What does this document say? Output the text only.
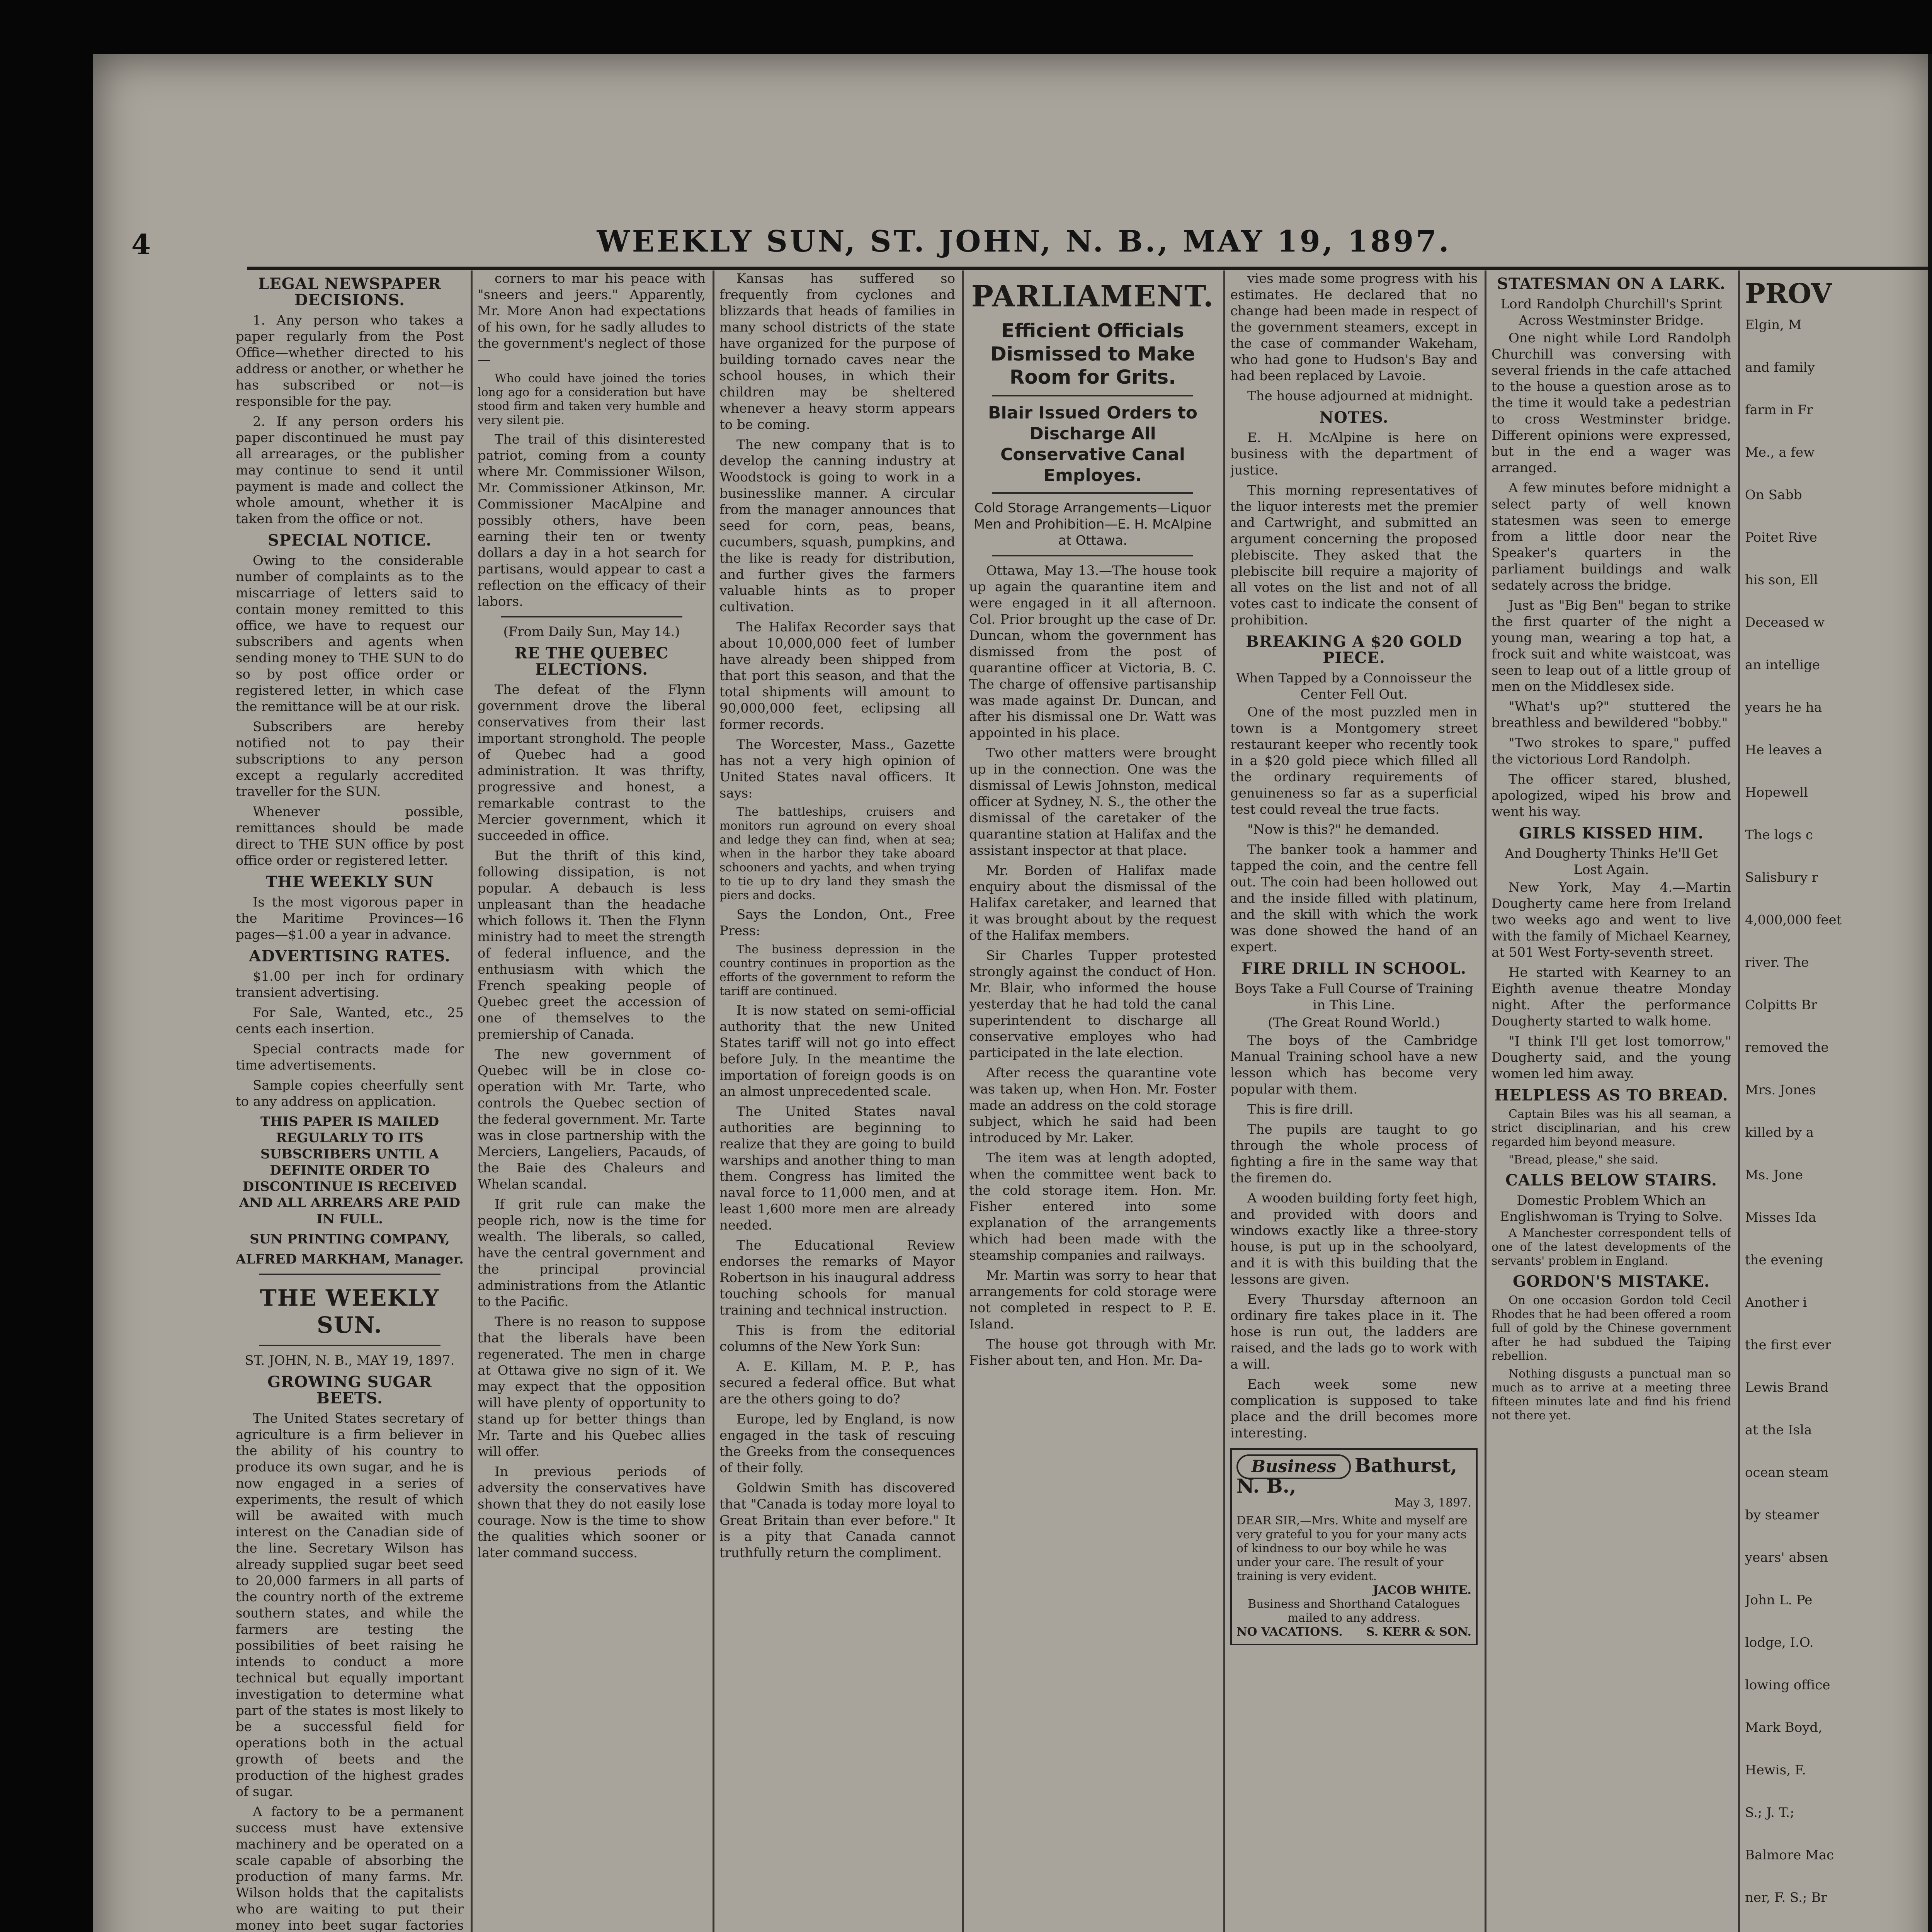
4	WEEKLY SUN, ST. JOHN, N. B., MAY 19, 1897.

LEGAL NEWSPAPER DECISIONS.

1. Any person who takes a paper regularly from the Post Office—whether directed to his address or another, or whether he has subscribed or not—is responsible for the pay.

2. If any person orders his paper discontinued he must pay all arrearages, or the publisher may continue to send it until payment is made and collect the whole amount, whether it is taken from the office or not.

SPECIAL NOTICE.

Owing to the considerable number of complaints as to the miscarriage of letters said to contain money remitted to this office, we have to request our subscribers and agents when sending money to THE SUN to do so by post office order or registered letter, in which case the remittance will be at our risk.

Subscribers are hereby notified not to pay their subscriptions to any person except a regularly accredited traveller for the SUN.

Whenever possible, remittances should be made direct to THE SUN office by post office order or registered letter.

THE WEEKLY SUN

Is the most vigorous paper in the Maritime Provinces—16 pages—$1.00 a year in advance.

ADVERTISING RATES.

$1.00 per inch for ordinary transient advertising.

For Sale, Wanted, etc., 25 cents each insertion.

Special contracts made for time advertisements.

Sample copies cheerfully sent to any address on application.

THIS PAPER IS MAILED REGULARLY TO ITS SUBSCRIBERS UNTIL A DEFINITE ORDER TO DISCONTINUE IS RECEIVED AND ALL ARREARS ARE PAID IN FULL.

SUN PRINTING COMPANY,

ALFRED MARKHAM, Manager.

THE WEEKLY SUN.

ST. JOHN, N. B., MAY 19, 1897.

GROWING SUGAR BEETS.

The United States secretary of agriculture is a firm believer in the ability of his country to produce its own sugar, and he is now engaged in a series of experiments, the result of which will be awaited with much interest on the Canadian side of the line. Secretary Wilson has already supplied sugar beet seed to 20,000 farmers in all parts of the country north of the extreme southern states, and while the farmers are testing the possibilities of beet raising he intends to conduct a more technical but equally important investigation to determine what part of the states is most likely to be a successful field for operations both in the actual growth of beets and the production of the highest grades of sugar.

A factory to be a permanent success must have extensive machinery and be operated on a scale capable of absorbing the production of many farms. Mr. Wilson holds that the capitalists who are waiting to put their money into beet sugar factories

corners to mar his peace with "sneers and jeers." Apparently, Mr. More Anon had expectations of his own, for he sadly alludes to the government's neglect of those—

Who could have joined the tories long ago for a consideration but have stood firm and taken very humble and very silent pie.

The trail of this disinterested patriot, coming from a county where Mr. Commissioner Wilson, Mr. Commissioner Atkinson, Mr. Commissioner MacAlpine and possibly others, have been earning their ten or twenty dollars a day in a hot search for partisans, would appear to cast a reflection on the efficacy of their labors.

(From Daily Sun, May 14.)

RE THE QUEBEC ELECTIONS.

The defeat of the Flynn government drove the liberal conservatives from their last important stronghold. The people of Quebec had a good administration. It was thrifty, progressive and honest, a remarkable contrast to the Mercier government, which it succeeded in office.

But the thrift of this kind, following dissipation, is not popular. A debauch is less unpleasant than the headache which follows it. Then the Flynn ministry had to meet the strength of federal influence, and the enthusiasm with which the French speaking people of Quebec greet the accession of one of themselves to the premiership of Canada.

The new government of Quebec will be in close co-operation with Mr. Tarte, who controls the Quebec section of the federal government. Mr. Tarte was in close partnership with the Merciers, Langeliers, Pacauds, of the Baie des Chaleurs and Whelan scandal.

If grit rule can make the people rich, now is the time for wealth. The liberals, so called, have the central government and the principal provincial administrations from the Atlantic to the Pacific.

There is no reason to suppose that the liberals have been regenerated. The men in charge at Ottawa give no sign of it. We may expect that the opposition will have plenty of opportunity to stand up for better things than Mr. Tarte and his Quebec allies will offer.

In previous periods of adversity the conservatives have shown that they do not easily lose courage. Now is the time to show the qualities which sooner or later command success.

Kansas has suffered so frequently from cyclones and blizzards that heads of families in many school districts of the state have organized for the purpose of building tornado caves near the school houses, in which their children may be sheltered whenever a heavy storm appears to be coming.

The new company that is to develop the canning industry at Woodstock is going to work in a businesslike manner. A circular from the manager announces that seed for corn, peas, beans, cucumbers, squash, pumpkins, and the like is ready for distribution, and further gives the farmers valuable hints as to proper cultivation.

The Halifax Recorder says that about 10,000,000 feet of lumber have already been shipped from that port this season, and that the total shipments will amount to 90,000,000 feet, eclipsing all former records.

The Worcester, Mass., Gazette has not a very high opinion of United States naval officers. It says:

The battleships, cruisers and monitors run aground on every shoal and ledge they can find, when at sea; when in the harbor they take aboard schooners and yachts, and when trying to tie up to dry land they smash the piers and docks.

Says the London, Ont., Free Press:

The business depression in the country continues in proportion as the efforts of the government to reform the tariff are continued.

It is now stated on semi-official authority that the new United States tariff will not go into effect before July. In the meantime the importation of foreign goods is on an almost unprecedented scale.

The United States naval authorities are beginning to realize that they are going to build warships and another thing to man them. Congress has limited the naval force to 11,000 men, and at least 1,600 more men are already needed.

The Educational Review endorses the remarks of Mayor Robertson in his inaugural address touching schools for manual training and technical instruction.

This is from the editorial columns of the New York Sun:

A. E. Killam, M. P. P., has secured a federal office. But what are the others going to do?

Europe, led by England, is now engaged in the task of rescuing the Greeks from the consequences of their folly.

Goldwin Smith has discovered that "Canada is today more loyal to Great Britain than ever before." It is a pity that Canada cannot truthfully return the compliment.

PARLIAMENT.

Efficient Officials Dismissed to Make Room for Grits.

Blair Issued Orders to Discharge All Conservative Canal Employes.

Cold Storage Arrangements—Liquor Men and Prohibition—E. H. McAlpine at Ottawa.

Ottawa, May 13.—The house took up again the quarantine item and were engaged in it all afternoon. Col. Prior brought up the case of Dr. Duncan, whom the government has dismissed from the post of quarantine officer at Victoria, B. C. The charge of offensive partisanship was made against Dr. Duncan, and after his dismissal one Dr. Watt was appointed in his place.

Two other matters were brought up in the connection. One was the dismissal of Lewis Johnston, medical officer at Sydney, N. S., the other the dismissal of the caretaker of the quarantine station at Halifax and the assistant inspector at that place.

Mr. Borden of Halifax made enquiry about the dismissal of the Halifax caretaker, and learned that it was brought about by the request of the Halifax members.

Sir Charles Tupper protested strongly against the conduct of Hon. Mr. Blair, who informed the house yesterday that he had told the canal superintendent to discharge all conservative employes who had participated in the late election.

After recess the quarantine vote was taken up, when Hon. Mr. Foster made an address on the cold storage subject, which he said had been introduced by Mr. Laker.

The item was at length adopted, when the committee went back to the cold storage item. Hon. Mr. Fisher entered into some explanation of the arrangements which had been made with the steamship companies and railways.

Mr. Martin was sorry to hear that arrangements for cold storage were not completed in respect to P. E. Island.

The house got through with Mr. Fisher about ten, and Hon. Mr. Da-

vies made some progress with his estimates. He declared that no change had been made in respect of the government steamers, except in the case of commander Wakeham, who had gone to Hudson's Bay and had been replaced by Lavoie.

The house adjourned at midnight.

NOTES.

E. H. McAlpine is here on business with the department of justice.

This morning representatives of the liquor interests met the premier and Cartwright, and submitted an argument concerning the proposed plebiscite. They asked that the plebiscite bill require a majority of all votes on the list and not of all votes cast to indicate the consent of prohibition.

BREAKING A $20 GOLD PIECE.

When Tapped by a Connoisseur the Center Fell Out.

One of the most puzzled men in town is a Montgomery street restaurant keeper who recently took in a $20 gold piece which filled all the ordinary requirements of genuineness so far as a superficial test could reveal the true facts.

"Now is this?" he demanded.

The banker took a hammer and tapped the coin, and the centre fell out. The coin had been hollowed out and the inside filled with platinum, and the skill with which the work was done showed the hand of an expert.

FIRE DRILL IN SCHOOL.

Boys Take a Full Course of Training in This Line.

(The Great Round World.)

The boys of the Cambridge Manual Training school have a new lesson which has become very popular with them.

This is fire drill.

The pupils are taught to go through the whole process of fighting a fire in the same way that the firemen do.

A wooden building forty feet high, and provided with doors and windows exactly like a three-story house, is put up in the schoolyard, and it is with this building that the lessons are given.

Every Thursday afternoon an ordinary fire takes place in it. The hose is run out, the ladders are raised, and the lads go to work with a will.

Each week some new complication is supposed to take place and the drill becomes more interesting.

Business Bathurst, N. B.,
May 3, 1897.
DEAR SIR,—Mrs. White and myself are very grateful to you for your many acts of kindness to our boy while he was under your care. The result of your training is very evident.
JACOB WHITE.
Business and Shorthand Catalogues mailed to any address.
NO VACATIONS. S. KERR & SON.

STATESMAN ON A LARK.

Lord Randolph Churchill's Sprint Across Westminster Bridge.

One night while Lord Randolph Churchill was conversing with several friends in the cafe attached to the house a question arose as to the time it would take a pedestrian to cross Westminster bridge. Different opinions were expressed, but in the end a wager was arranged.

A few minutes before midnight a select party of well known statesmen was seen to emerge from a little door near the Speaker's quarters in the parliament buildings and walk sedately across the bridge.

Just as "Big Ben" began to strike the first quarter of the night a young man, wearing a top hat, a frock suit and white waistcoat, was seen to leap out of a little group of men on the Middlesex side.

"What's up?" stuttered the breathless and bewildered "bobby."

"Two strokes to spare," puffed the victorious Lord Randolph.

The officer stared, blushed, apologized, wiped his brow and went his way.

GIRLS KISSED HIM.

And Dougherty Thinks He'll Get Lost Again.

New York, May 4.—Martin Dougherty came here from Ireland two weeks ago and went to live with the family of Michael Kearney, at 501 West Forty-seventh street.

He started with Kearney to an Eighth avenue theatre Monday night. After the performance Dougherty started to walk home.

"I think I'll get lost tomorrow," Dougherty said, and the young women led him away.

HELPLESS AS TO BREAD.

Captain Biles was his all seaman, a strict disciplinarian, and his crew regarded him beyond measure.

"Bread, please," she said.

CALLS BELOW STAIRS.

Domestic Problem Which an Englishwoman is Trying to Solve.

A Manchester correspondent tells of one of the latest developments of the servants' problem in England.

GORDON'S MISTAKE.

On one occasion Gordon told Cecil Rhodes that he had been offered a room full of gold by the Chinese government after he had subdued the Taiping rebellion.

Nothing disgusts a punctual man so much as to arrive at a meeting three fifteen minutes late and find his friend not there yet.

PROV
Elgin, M
and family
farm in Fr
Me., a few
On Sabb
Poitet Rive
his son, Ell
Deceased w
an intellige
years he ha
He leaves a
Hopewell
The logs c
Salisbury r
4,000,000 feet
river. The
Colpitts Br
removed the
Mrs. Jones
killed by a
Ms. Jone
Misses Ida
the evening
Another i
the first ever
Lewis Brand
at the Isla
ocean steam
by steamer
years' absen
John L. Pe
lodge, I.O.
lowing office
Mark Boyd,
Hewis, F.
S.; J. T.;
Balmore Mac
ner, F. S.; Br
